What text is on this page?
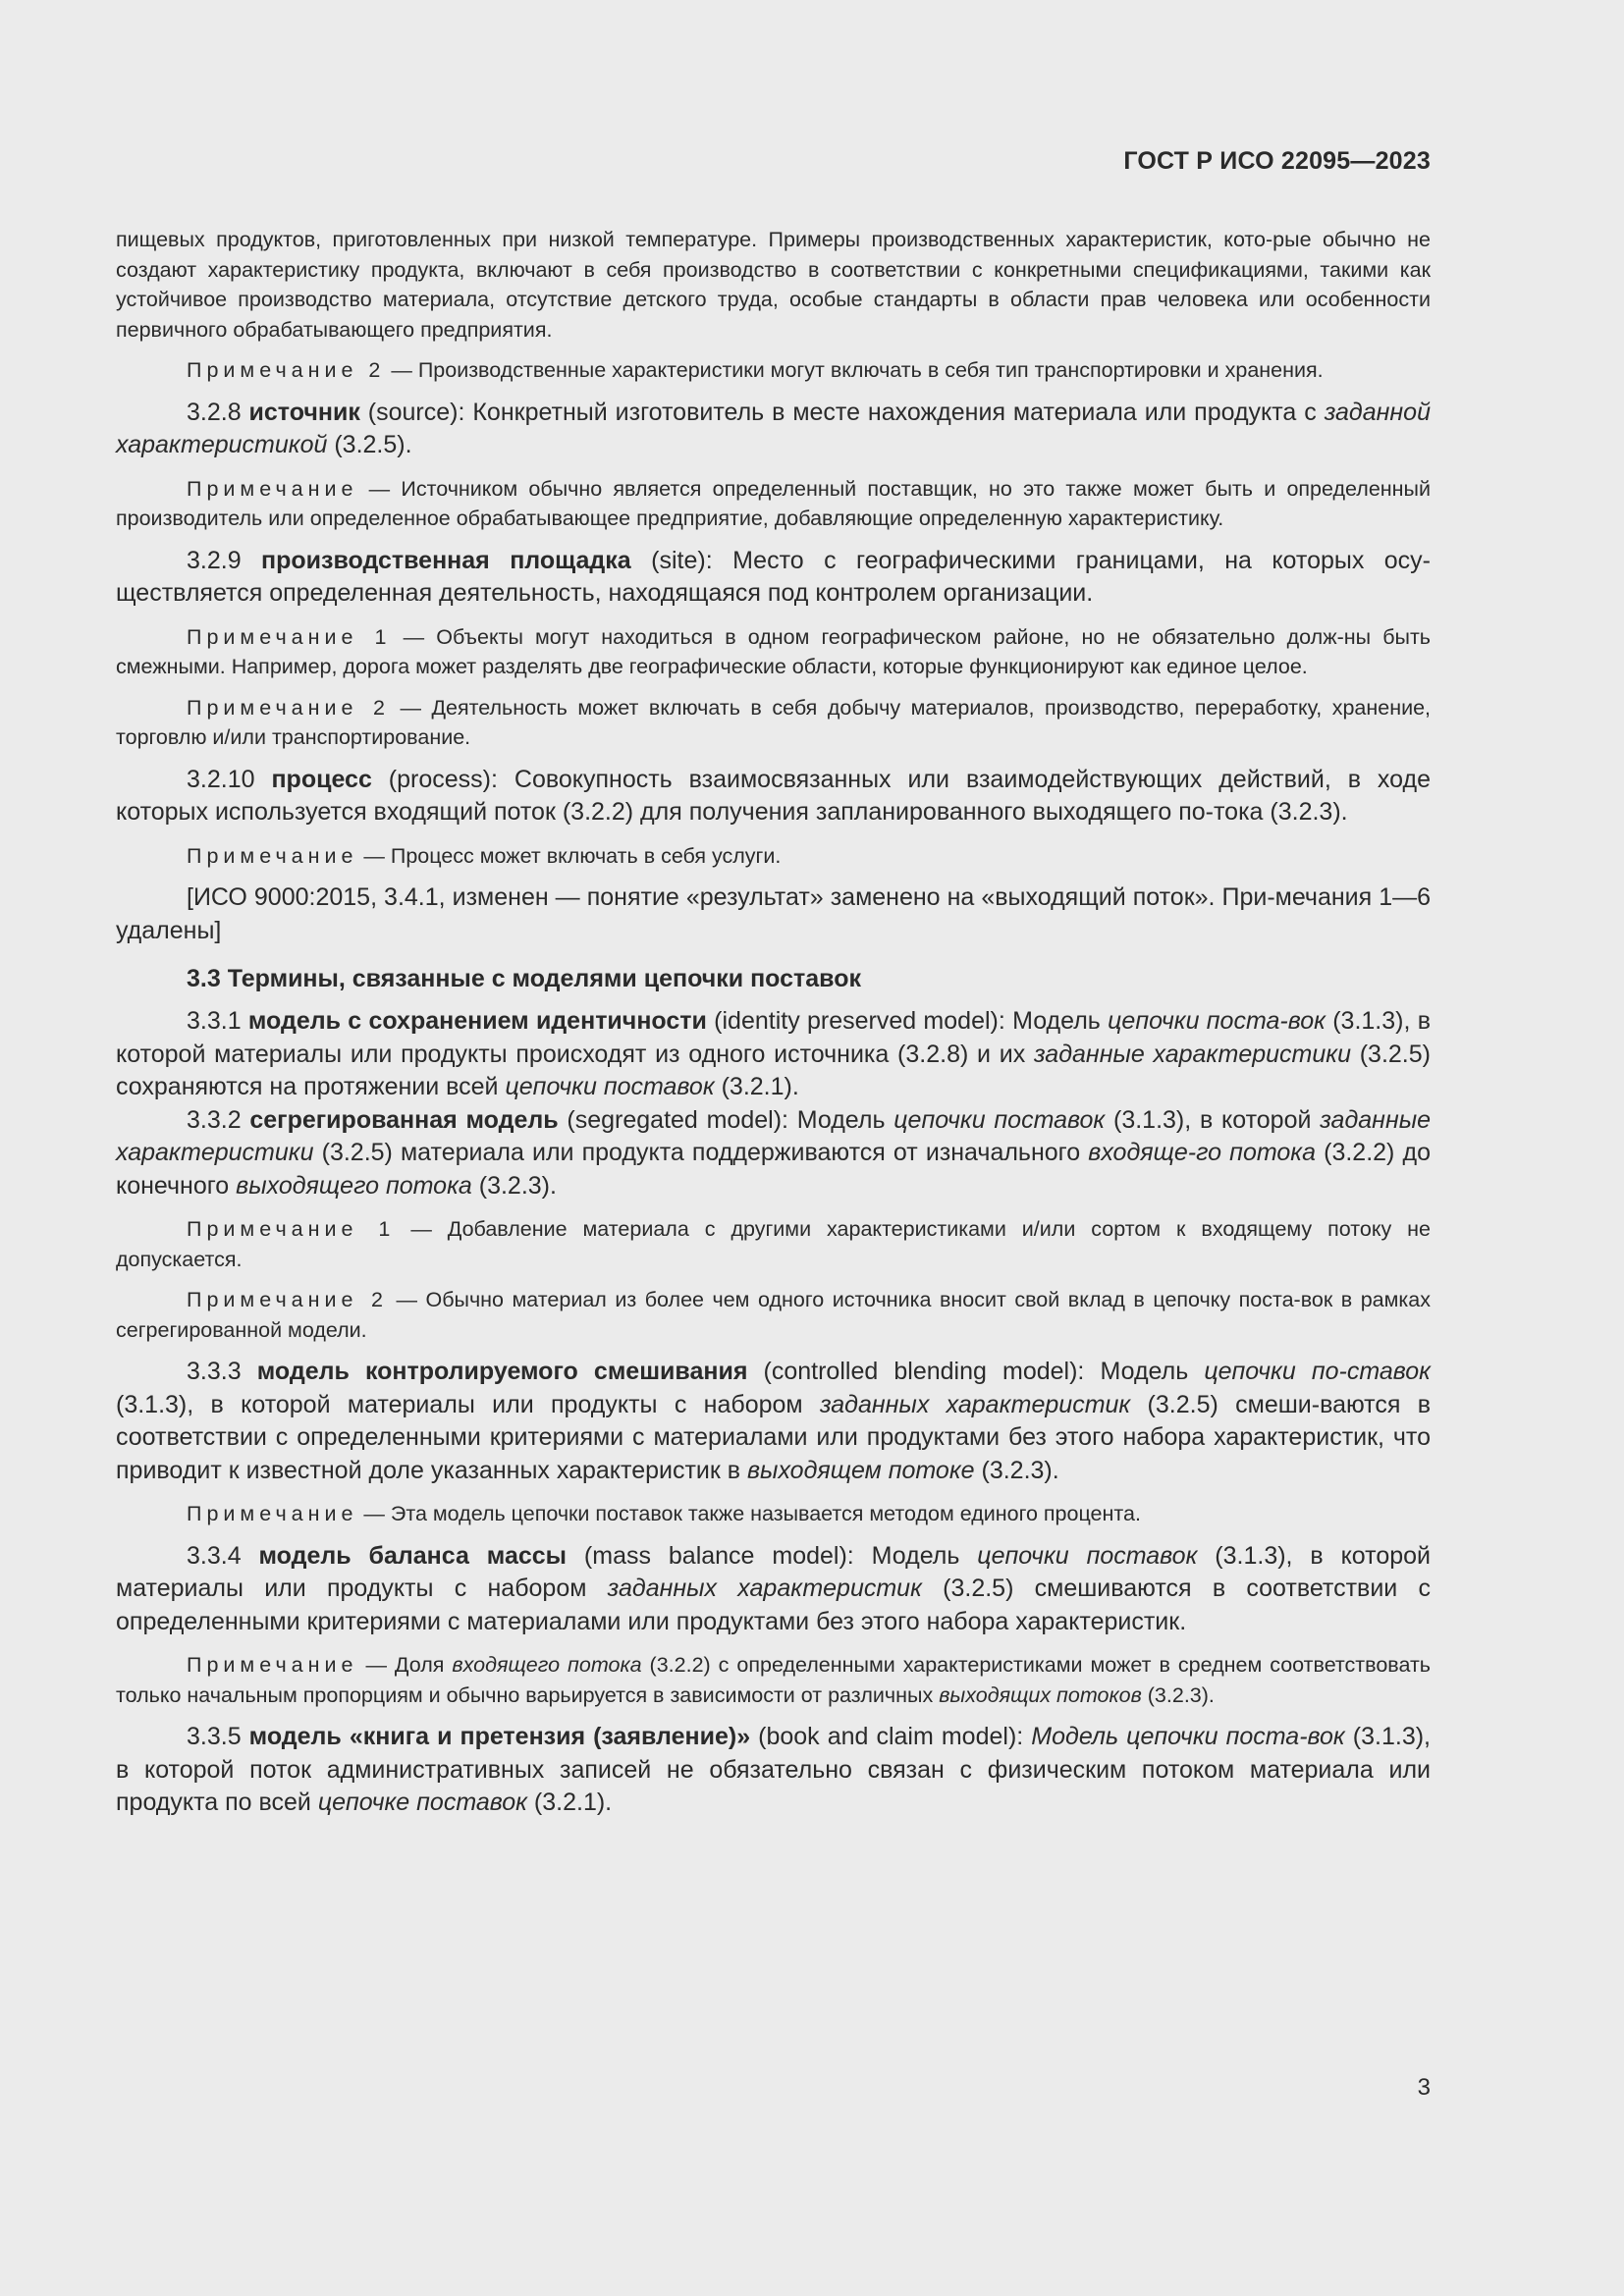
ГОСТ Р ИСО 22095—2023

пищевых продуктов, приготовленных при низкой температуре. Примеры производственных характеристик, кото-рые обычно не создают характеристику продукта, включают в себя производство в соответствии с конкретными спецификациями, такими как устойчивое производство материала, отсутствие детского труда, особые стандарты в области прав человека или особенности первичного обрабатывающего предприятия.

Примечание 2 — Производственные характеристики могут включать в себя тип транспортировки и хранения.

3.2.8 источник (source): Конкретный изготовитель в месте нахождения материала или продукта с заданной характеристикой (3.2.5).

Примечание — Источником обычно является определенный поставщик, но это также может быть и определенный производитель или определенное обрабатывающее предприятие, добавляющие определенную характеристику.

3.2.9 производственная площадка (site): Место с географическими границами, на которых осу-ществляется определенная деятельность, находящаяся под контролем организации.

Примечание 1 — Объекты могут находиться в одном географическом районе, но не обязательно долж-ны быть смежными. Например, дорога может разделять две географические области, которые функционируют как единое целое.

Примечание 2 — Деятельность может включать в себя добычу материалов, производство, переработку, хранение, торговлю и/или транспортирование.

3.2.10 процесс (process): Совокупность взаимосвязанных или взаимодействующих действий, в ходе которых используется входящий поток (3.2.2) для получения запланированного выходящего по-тока (3.2.3).

Примечание — Процесс может включать в себя услуги.

[ИСО 9000:2015, 3.4.1, изменен — понятие «результат» заменено на «выходящий поток». При-мечания 1—6 удалены]

3.3 Термины, связанные с моделями цепочки поставок

3.3.1 модель с сохранением идентичности (identity preserved model): Модель цепочки поста-вок (3.1.3), в которой материалы или продукты происходят из одного источника (3.2.8) и их заданные характеристики (3.2.5) сохраняются на протяжении всей цепочки поставок (3.2.1).

3.3.2 сегрегированная модель (segregated model): Модель цепочки поставок (3.1.3), в которой заданные характеристики (3.2.5) материала или продукта поддерживаются от изначального входяще-го потока (3.2.2) до конечного выходящего потока (3.2.3).

Примечание 1 — Добавление материала с другими характеристиками и/или сортом к входящему потоку не допускается.

Примечание 2 — Обычно материал из более чем одного источника вносит свой вклад в цепочку поста-вок в рамках сегрегированной модели.

3.3.3 модель контролируемого смешивания (controlled blending model): Модель цепочки по-ставок (3.1.3), в которой материалы или продукты с набором заданных характеристик (3.2.5) смеши-ваются в соответствии с определенными критериями с материалами или продуктами без этого набора характеристик, что приводит к известной доле указанных характеристик в выходящем потоке (3.2.3).

Примечание — Эта модель цепочки поставок также называется методом единого процента.

3.3.4 модель баланса массы (mass balance model): Модель цепочки поставок (3.1.3), в которой материалы или продукты с набором заданных характеристик (3.2.5) смешиваются в соответствии с определенными критериями с материалами или продуктами без этого набора характеристик.

Примечание — Доля входящего потока (3.2.2) с определенными характеристиками может в среднем соответствовать только начальным пропорциям и обычно варьируется в зависимости от различных выходящих потоков (3.2.3).

3.3.5 модель «книга и претензия (заявление)» (book and claim model): Модель цепочки поста-вок (3.1.3), в которой поток административных записей не обязательно связан с физическим потоком материала или продукта по всей цепочке поставок (3.2.1).

3
